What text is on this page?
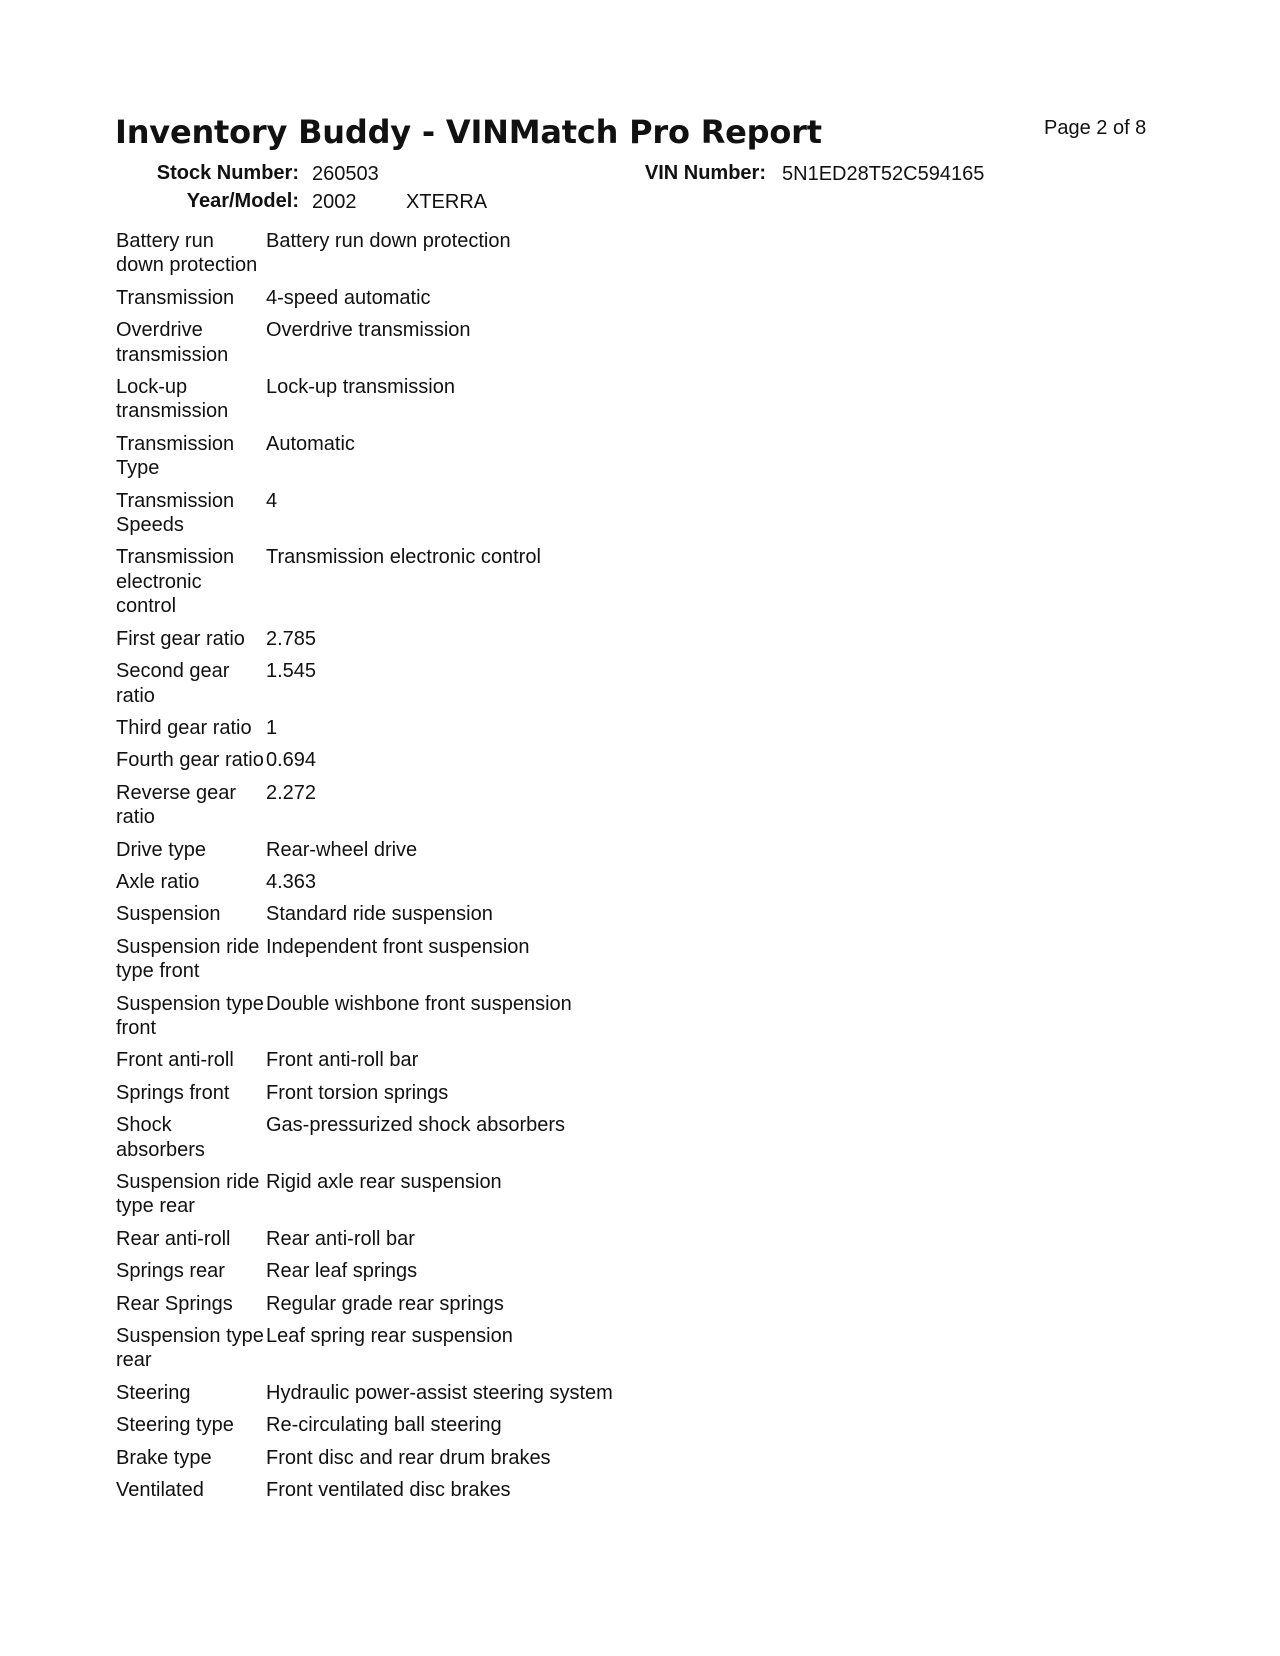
Inventory Buddy - VINMatch Pro Report	Page 2 of 8
Stock Number: 260503
Year/Model: 2002 XTERRA
VIN Number: 5N1ED28T52C594165
Battery run down protection	Battery run down protection
Transmission	4-speed automatic
Overdrive transmission	Overdrive transmission
Lock-up transmission	Lock-up transmission
Transmission Type	Automatic
Transmission Speeds	4
Transmission electronic control	Transmission electronic control
First gear ratio	2.785
Second gear ratio	1.545
Third gear ratio	1
Fourth gear ratio	0.694
Reverse gear ratio	2.272
Drive type	Rear-wheel drive
Axle ratio	4.363
Suspension	Standard ride suspension
Suspension ride type front	Independent front suspension
Suspension type front	Double wishbone front suspension
Front anti-roll	Front anti-roll bar
Springs front	Front torsion springs
Shock absorbers	Gas-pressurized shock absorbers
Suspension ride type rear	Rigid axle rear suspension
Rear anti-roll	Rear anti-roll bar
Springs rear	Rear leaf springs
Rear Springs	Regular grade rear springs
Suspension type rear	Leaf spring rear suspension
Steering	Hydraulic power-assist steering system
Steering type	Re-circulating ball steering
Brake type	Front disc and rear drum brakes
Ventilated	Front ventilated disc brakes
